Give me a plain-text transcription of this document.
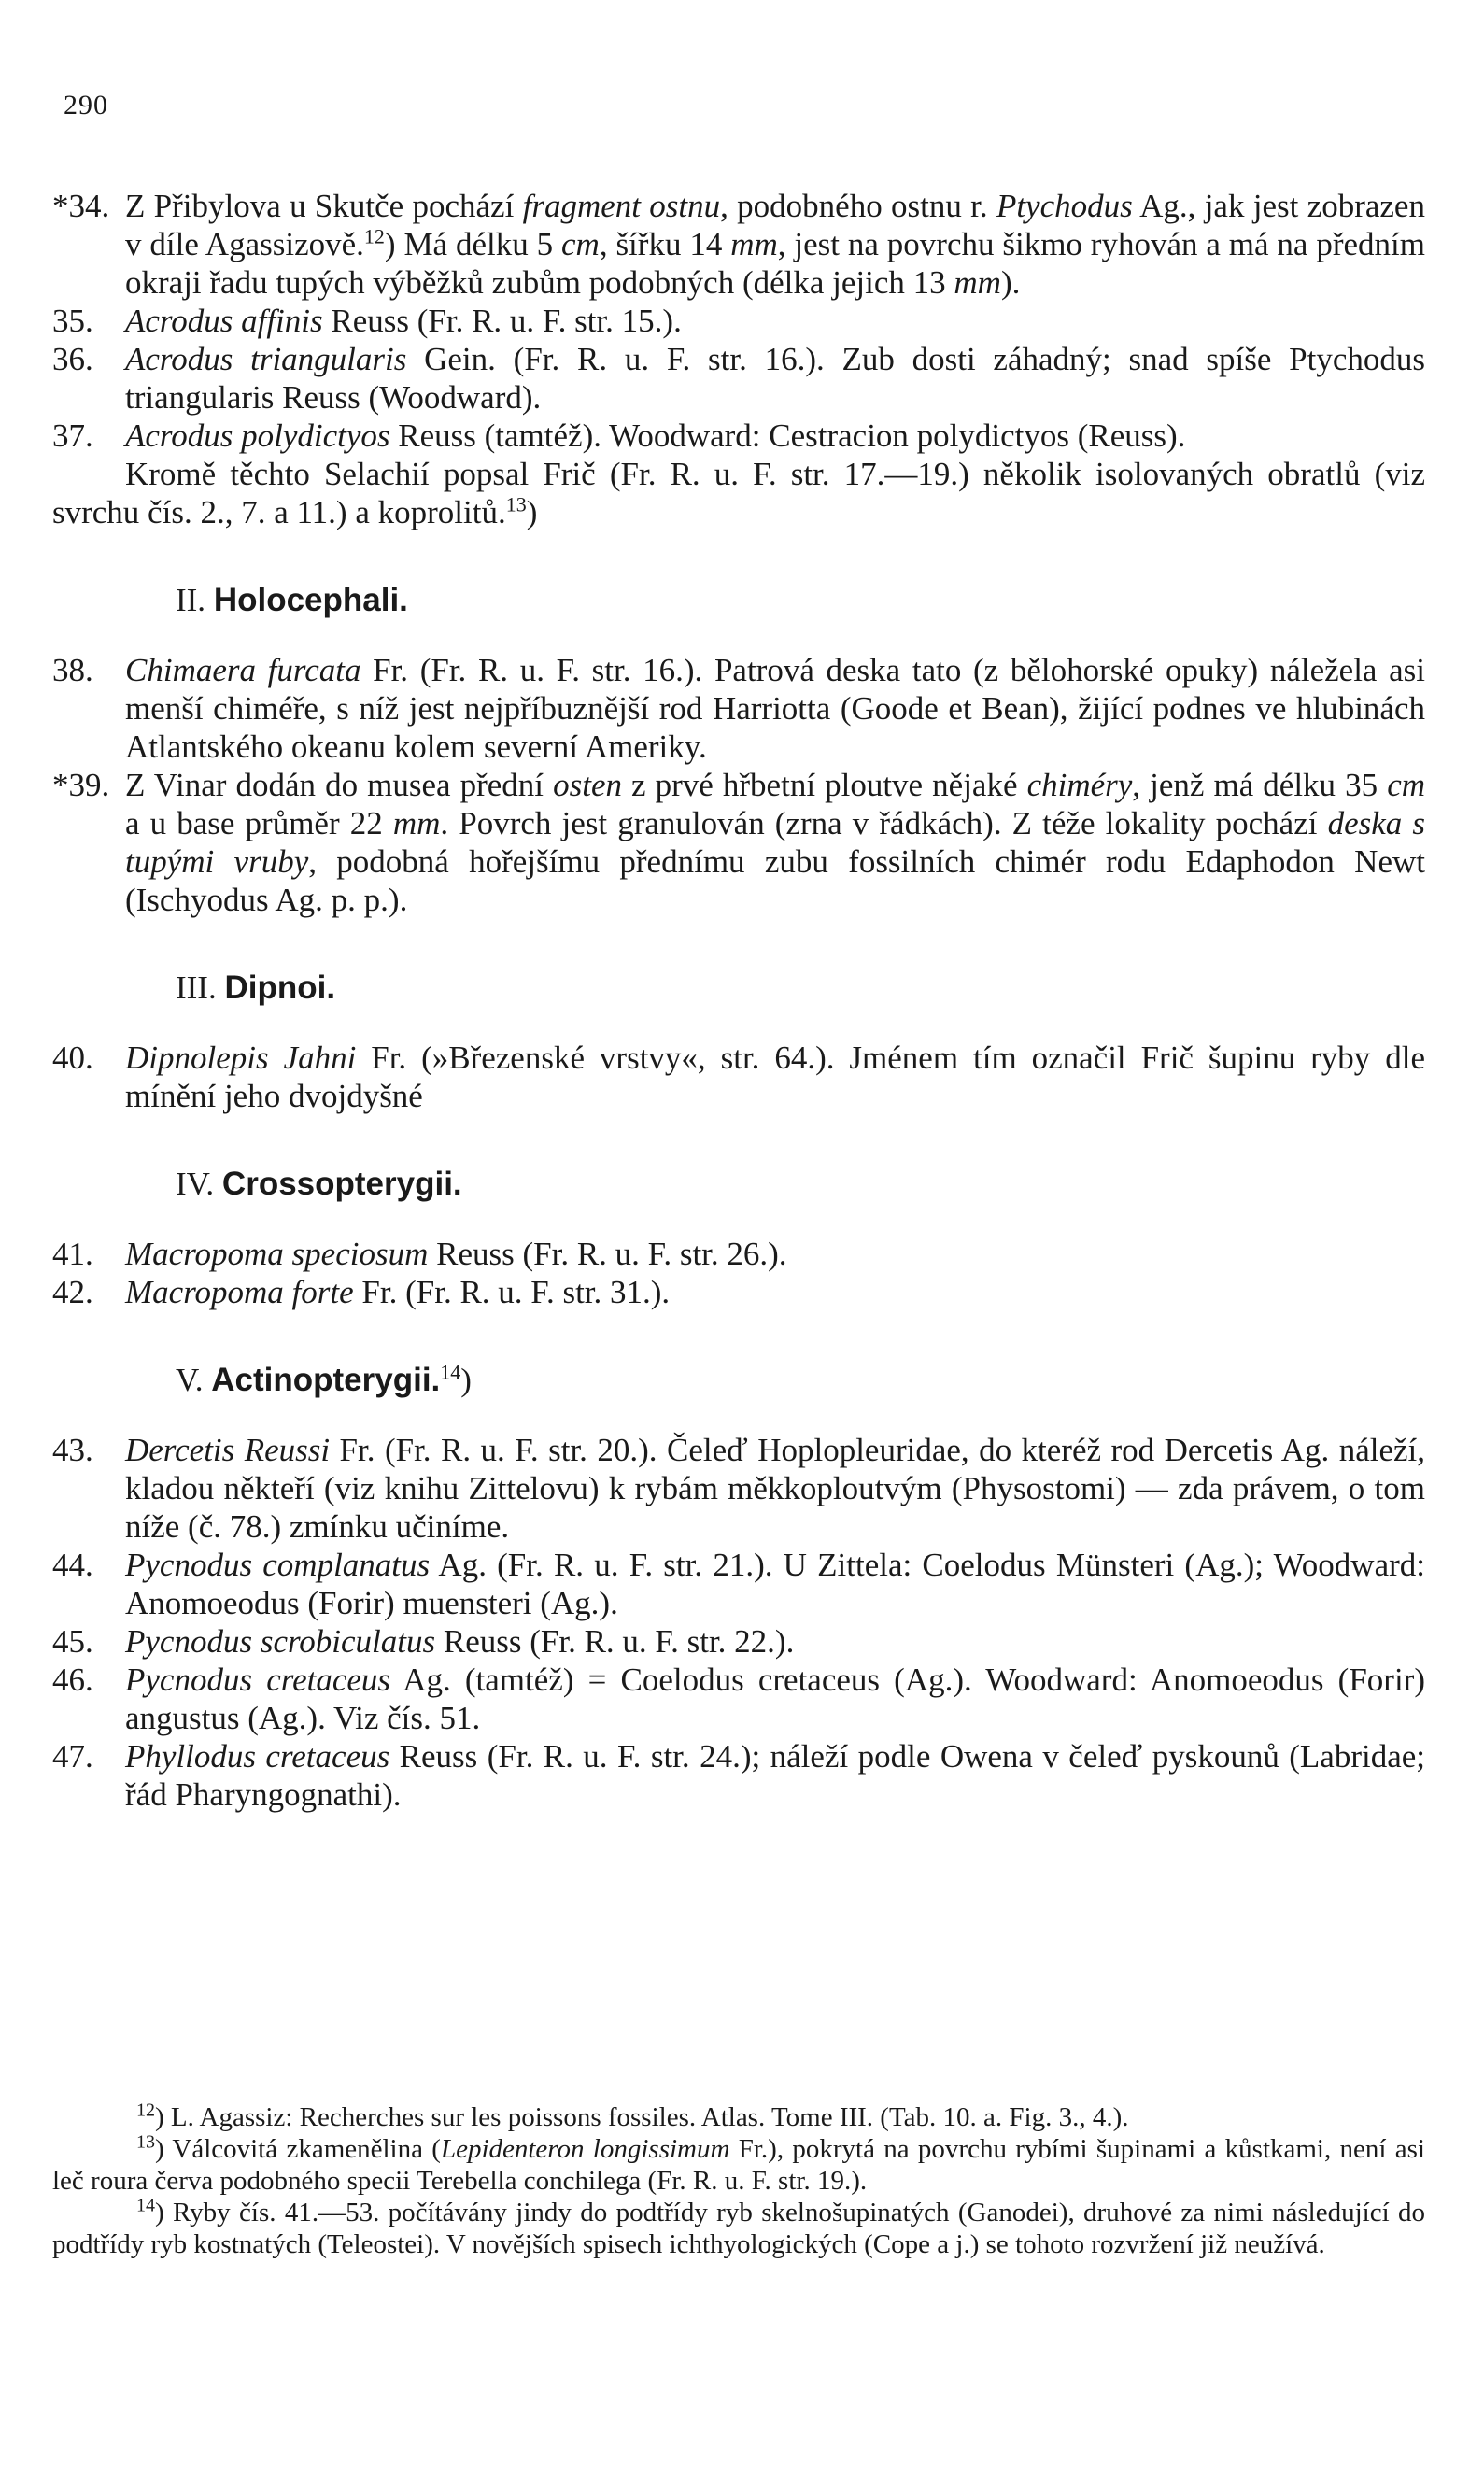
290

*34. Z Přibylova u Skutče pochází fragment ostnu, podobného ostnu r. Ptychodus Ag., jak jest zobrazen v díle Agassizově.$^{12}$) Má délku 5 cm, šířku 14 mm, jest na povrchu šikmo ryhován a má na předním okraji řadu tupých výběžků zubům podobných (délka jejich 13 mm).

35. Acrodus affinis Reuss (Fr. R. u. F. str. 15.).

36. Acrodus triangularis Gein. (Fr. R. u. F. str. 16.). Zub dosti záhadný; snad spíše Ptychodus triangularis Reuss (Woodward).

37. Acrodus polydictyos Reuss (tamtéž). Woodward: Cestracion polydictyos (Reuss).

Kromě těchto Selachií popsal Frič (Fr. R. u. F. str. 17.—19.) několik isolovaných obratlů (viz svrchu čís. 2., 7. a 11.) a koprolitů.$^{13}$)

II. Holocephali.

38. Chimaera furcata Fr. (Fr. R. u. F. str. 16.). Patrová deska tato (z bělohorské opuky) náležela asi menší chiméře, s níž jest nejpříbuznější rod Harriotta (Goode et Bean), žijící podnes ve hlubinách Atlantského okeanu kolem severní Ameriky.

*39. Z Vinar dodán do musea přední osten z prvé hřbetní ploutve nějaké chiméry, jenž má délku 35 cm a u base průměr 22 mm. Povrch jest granulován (zrna v řádkách). Z téže lokality pochází deska s tupými vruby, podobná hořejšímu přednímu zubu fossilních chimér rodu Edaphodon Newt (Ischyodus Ag. p. p.).

III. Dipnoi.

40. Dipnolepis Jahni Fr. (»Březenské vrstvy«, str. 64.). Jménem tím označil Frič šupinu ryby dle mínění jeho dvojdyšné

IV. Crossopterygii.

41. Macropoma speciosum Reuss (Fr. R. u. F. str. 26.).

42. Macropoma forte Fr. (Fr. R. u. F. str. 31.).

V. Actinopterygii.$^{14}$)

43. Dercetis Reussi Fr. (Fr. R. u. F. str. 20.). Čeleď Hoplopleuridae, do kteréž rod Dercetis Ag. náleží, kladou někteří (viz knihu Zittelovu) k rybám měkkoploutvým (Physostomi) — zda právem, o tom níže (č. 78.) zmínku učiníme.

44. Pycnodus complanatus Ag. (Fr. R. u. F. str. 21.). U Zittela: Coelodus Münsteri (Ag.); Woodward: Anomoeodus (Forir) muensteri (Ag.).

45. Pycnodus scrobiculatus Reuss (Fr. R. u. F. str. 22.).

46. Pycnodus cretaceus Ag. (tamtéž) = Coelodus cretaceus (Ag.). Woodward: Anomoeodus (Forir) angustus (Ag.). Viz čís. 51.

47. Phyllodus cretaceus Reuss (Fr. R. u. F. str. 24.); náleží podle Owena v čeleď pyskounů (Labridae; řád Pharyngognathi).

$^{12}$) L. Agassiz: Recherches sur les poissons fossiles. Atlas. Tome III. (Tab. 10. a. Fig. 3., 4.).

$^{13}$) Válcovitá zkamenělina (Lepidenteron longissimum Fr.), pokrytá na povrchu rybími šupinami a kůstkami, není asi leč roura červa podobného specii Terebella conchilega (Fr. R. u. F. str. 19.).

$^{14}$) Ryby čís. 41.—53. počítávány jindy do podtřídy ryb skelnošupinatých (Ganodei), druhové za nimi následující do podtřídy ryb kostnatých (Teleostei). V novějších spisech ichthyologických (Cope a j.) se tohoto rozvržení již neužívá.
